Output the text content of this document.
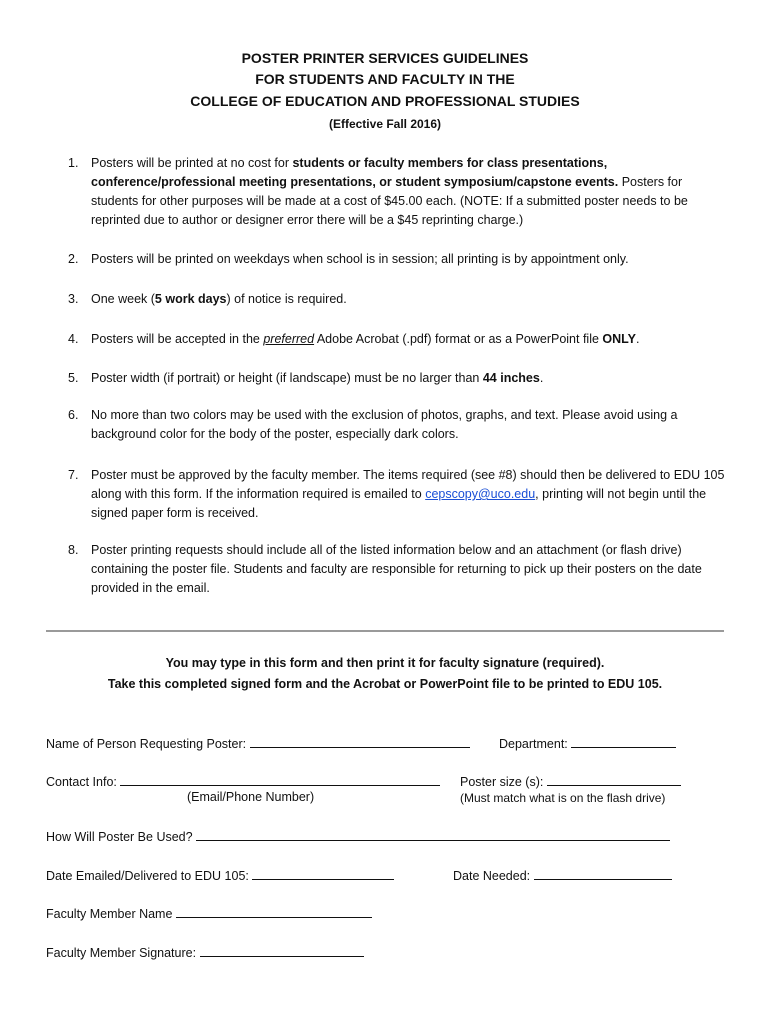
POSTER PRINTER SERVICES GUIDELINES
FOR STUDENTS AND FACULTY IN THE
COLLEGE OF EDUCATION AND PROFESSIONAL STUDIES
(Effective Fall 2016)
1. Posters will be printed at no cost for students or faculty members for class presentations, conference/professional meeting presentations, or student symposium/capstone events. Posters for students for other purposes will be made at a cost of $45.00 each. (NOTE: If a submitted poster needs to be reprinted due to author or designer error there will be a $45 reprinting charge.)
2. Posters will be printed on weekdays when school is in session; all printing is by appointment only.
3. One week (5 work days) of notice is required.
4. Posters will be accepted in the preferred Adobe Acrobat (.pdf) format or as a PowerPoint file ONLY.
5. Poster width (if portrait) or height (if landscape) must be no larger than 44 inches.
6. No more than two colors may be used with the exclusion of photos, graphs, and text. Please avoid using a background color for the body of the poster, especially dark colors.
7. Poster must be approved by the faculty member. The items required (see #8) should then be delivered to EDU 105 along with this form. If the information required is emailed to cepscopy@uco.edu, printing will not begin until the signed paper form is received.
8. Poster printing requests should include all of the listed information below and an attachment (or flash drive) containing the poster file. Students and faculty are responsible for returning to pick up their posters on the date provided in the email.
You may type in this form and then print it for faculty signature (required).
Take this completed signed form and the Acrobat or PowerPoint file to be printed to EDU 105.
Name of Person Requesting Poster:	Department:
Contact Info:
(Email/Phone Number)
Poster size (s):
(Must match what is on the flash drive)
How Will Poster Be Used?
Date Emailed/Delivered to EDU 105:	Date Needed:
Faculty Member Name
Faculty Member Signature:
